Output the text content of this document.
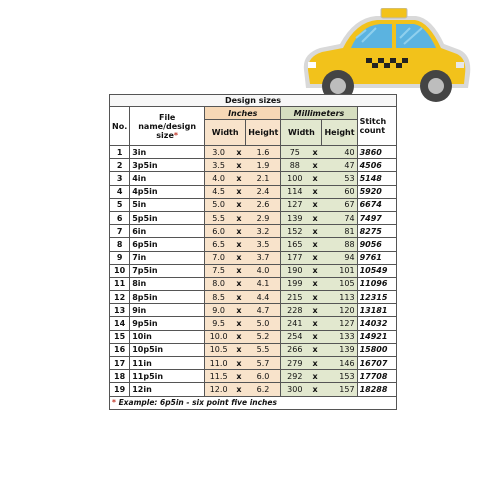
Design sizes								
No.	File name/design size*	Inches			Millimeters			Stitch count
		Width		Height	Width		Height	
1	3in	3.0	x	1.6	75	x	40	3860
2	3p5in	3.5	x	1.9	88	x	47	4506
3	4in	4.0	x	2.1	100	x	53	5148
4	4p5in	4.5	x	2.4	114	x	60	5920
5	5in	5.0	x	2.6	127	x	67	6674
6	5p5in	5.5	x	2.9	139	x	74	7497
7	6in	6.0	x	3.2	152	x	81	8275
8	6p5in	6.5	x	3.5	165	x	88	9056
9	7in	7.0	x	3.7	177	x	94	9761
10	7p5in	7.5	x	4.0	190	x	101	10549
11	8in	8.0	x	4.1	199	x	105	11096
12	8p5in	8.5	x	4.4	215	x	113	12315
13	9in	9.0	x	4.7	228	x	120	13181
14	9p5in	9.5	x	5.0	241	x	127	14032
15	10in	10.0	x	5.2	254	x	133	14921
16	10p5in	10.5	x	5.5	266	x	139	15800
17	11in	11.0	x	5.7	279	x	146	16707
18	11p5in	11.5	x	6.0	292	x	153	17708
19	12in	12.0	x	6.2	300	x	157	18288
* Example: 6p5in - six point five inches								
